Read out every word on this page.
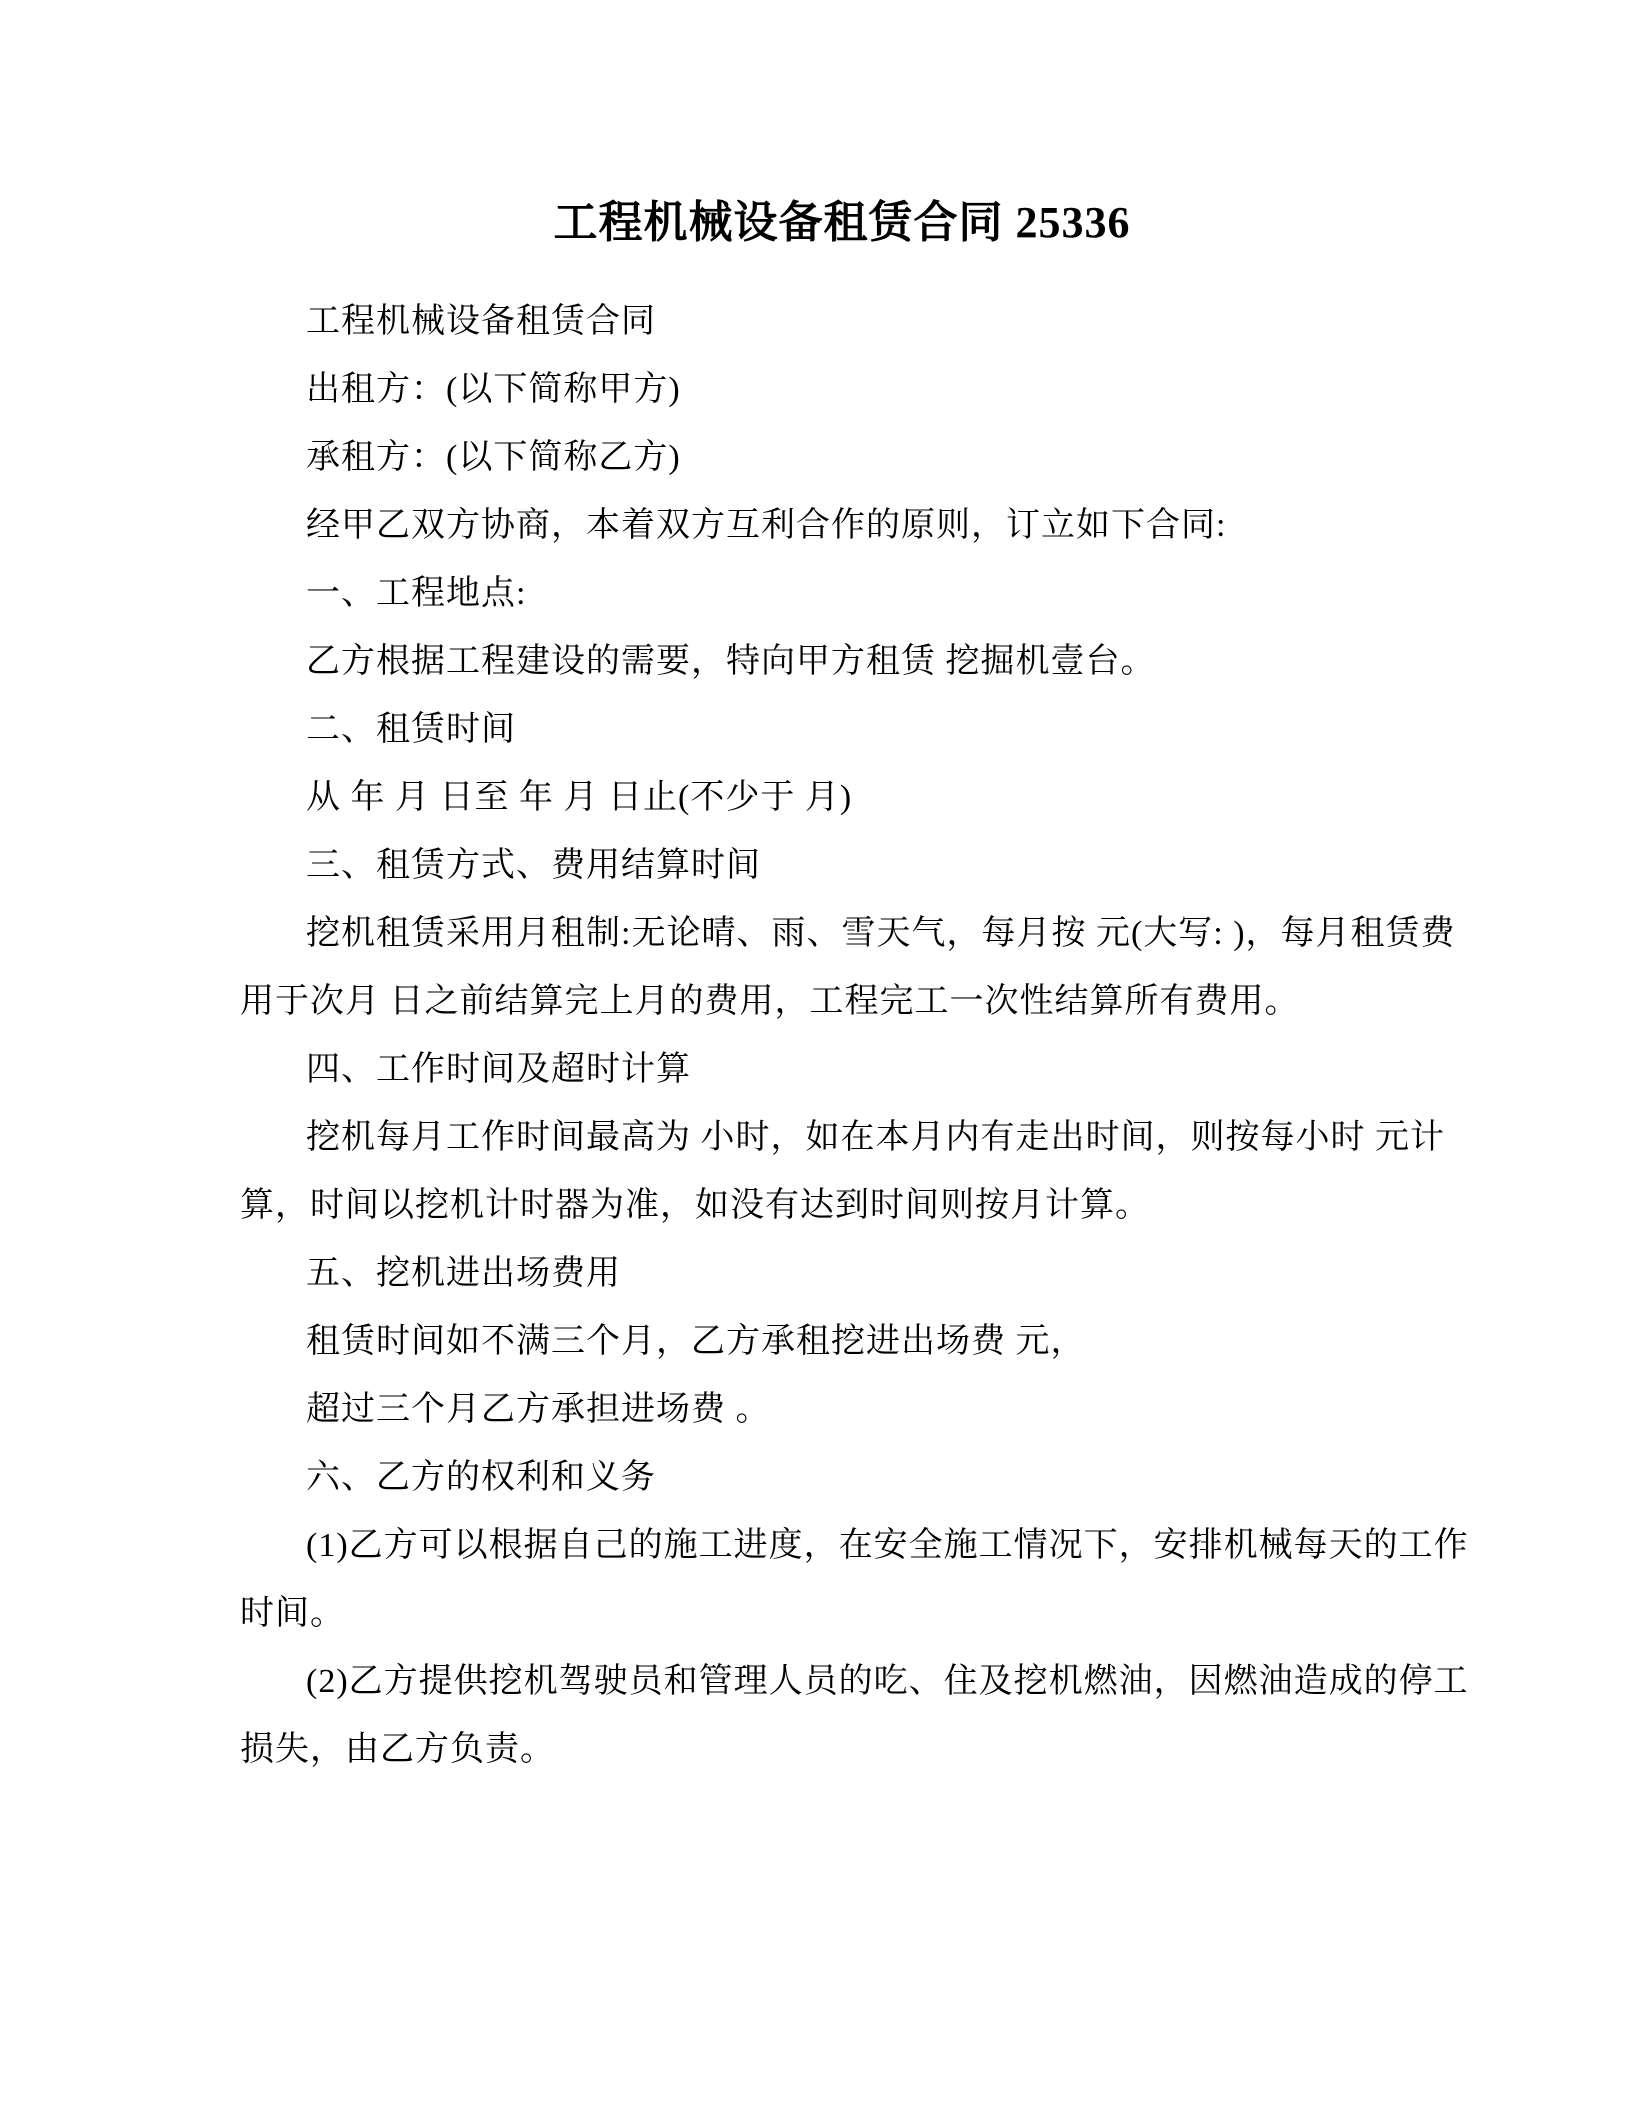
工程机械设备租赁合同 25336
工程机械设备租赁合同
出租方：(以下简称甲方)
承租方：(以下简称乙方)
经甲乙双方协商，本着双方互利合作的原则，订立如下合同:
一、工程地点:
乙方根据工程建设的需要，特向甲方租赁 挖掘机壹台。
二、租赁时间
从 年 月 日至 年 月 日止(不少于 月)
三、租赁方式、费用结算时间
挖机租赁采用月租制:无论晴、雨、雪天气，每月按 元(大写: )，每月租赁费
用于次月 日之前结算完上月的费用，工程完工一次性结算所有费用。
四、工作时间及超时计算
挖机每月工作时间最高为 小时，如在本月内有走出时间，则按每小时 元计
算，时间以挖机计时器为准，如没有达到时间则按月计算。
五、挖机进出场费用
租赁时间如不满三个月，乙方承租挖进出场费 元，
超过三个月乙方承担进场费 。
六、乙方的权利和义务
(1)乙方可以根据自己的施工进度，在安全施工情况下，安排机械每天的工作
时间。
(2)乙方提供挖机驾驶员和管理人员的吃、住及挖机燃油，因燃油造成的停工
损失，由乙方负责。
